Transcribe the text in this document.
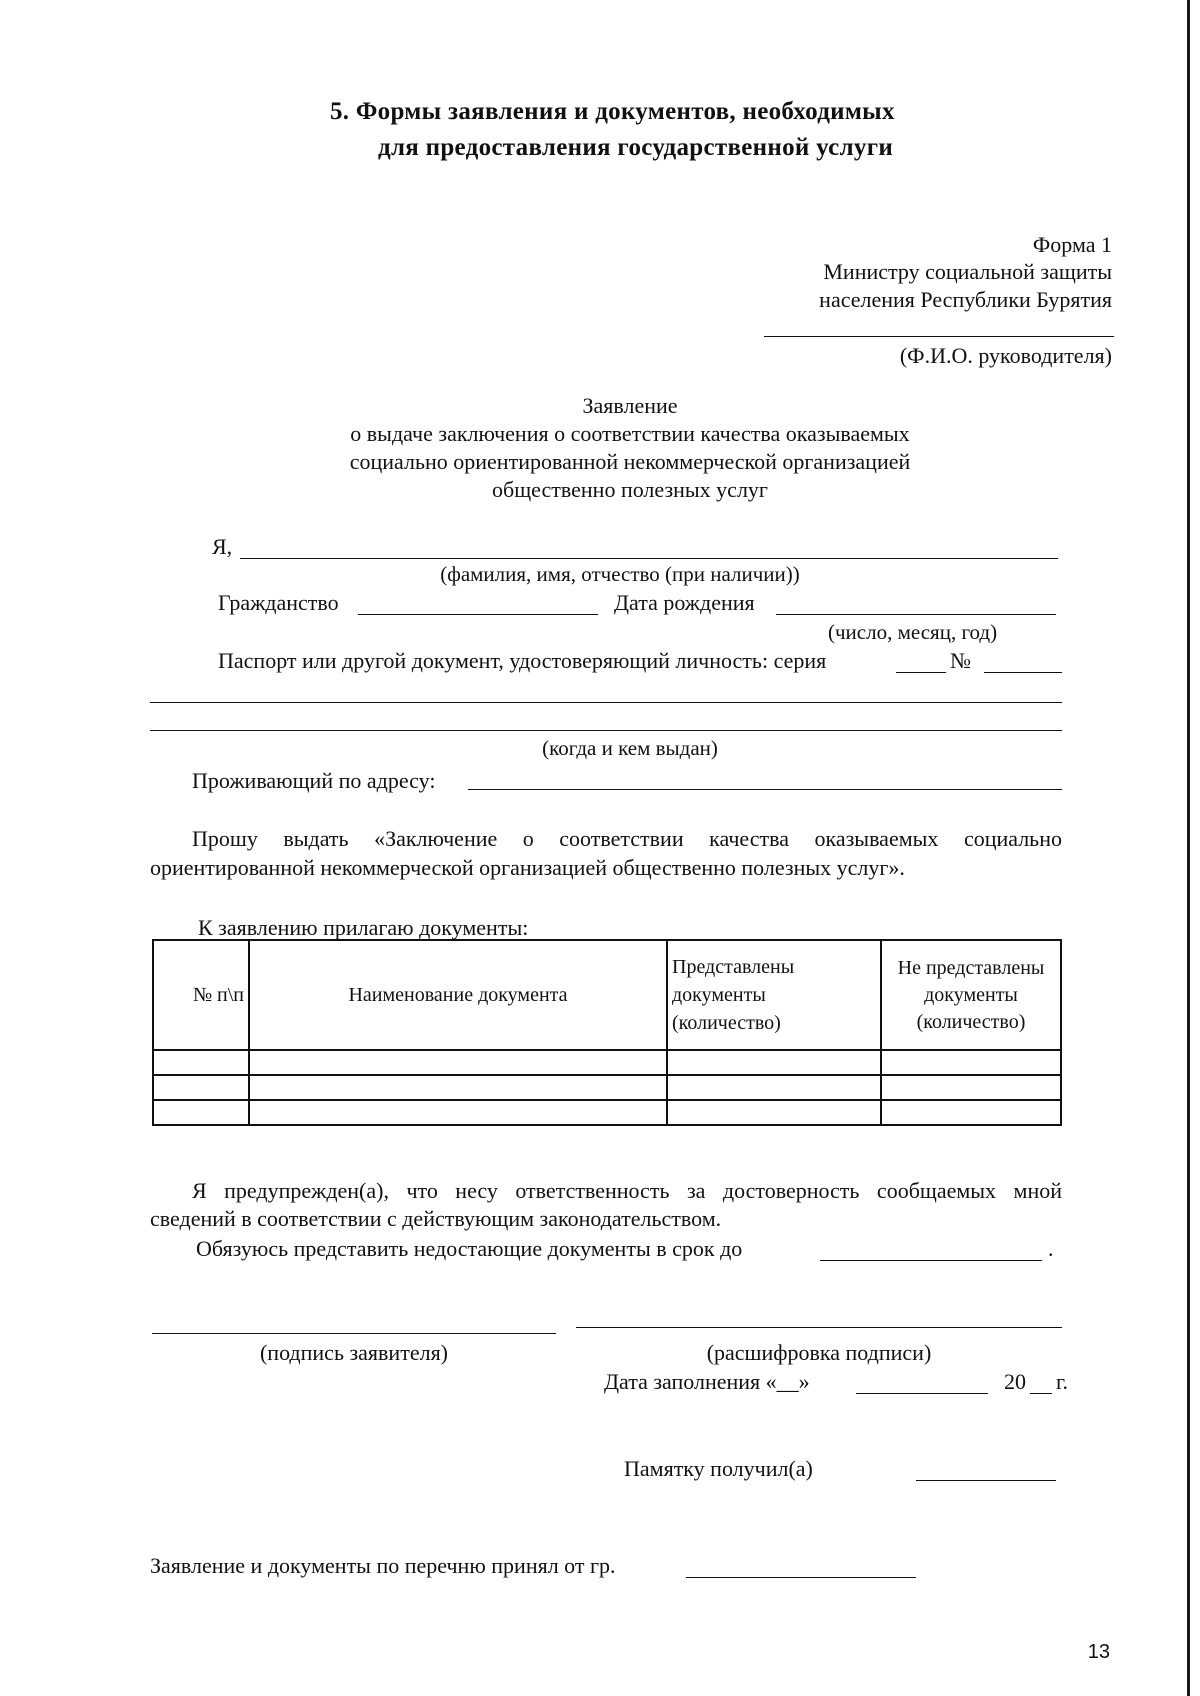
5. Формы заявления и документов, необходимых
для предоставления государственной услуги
Форма 1
Министру социальной защиты
населения Республики Бурятия
(Ф.И.О. руководителя)
Заявление
о выдаче заключения о соответствии качества оказываемых
социально ориентированной некоммерческой организацией
общественно полезных услуг
Я,
(фамилия, имя, отчество (при наличии))
Гражданство	Дата рождения
(число, месяц, год)
Паспорт или другой документ, удостоверяющий личность: серия	№
(когда и кем выдан)
Проживающий по адресу:
Прошу выдать «Заключение о соответствии качества оказываемых социально
ориентированной некоммерческой организацией общественно полезных услуг».
К заявлению прилагаю документы:
№ п\п	Наименование документа	Представлены документы (количество)	Не представлены документы (количество)

Я предупрежден(а), что несу ответственность за достоверность сообщаемых мной
сведений в соответствии с действующим законодательством.
Обязуюсь представить недостающие документы в срок до	.
(подпись заявителя)	(расшифровка подписи)
Дата заполнения «__»	20 г.
Памятку получил(а)
Заявление и документы по перечню принял от гр.
13
